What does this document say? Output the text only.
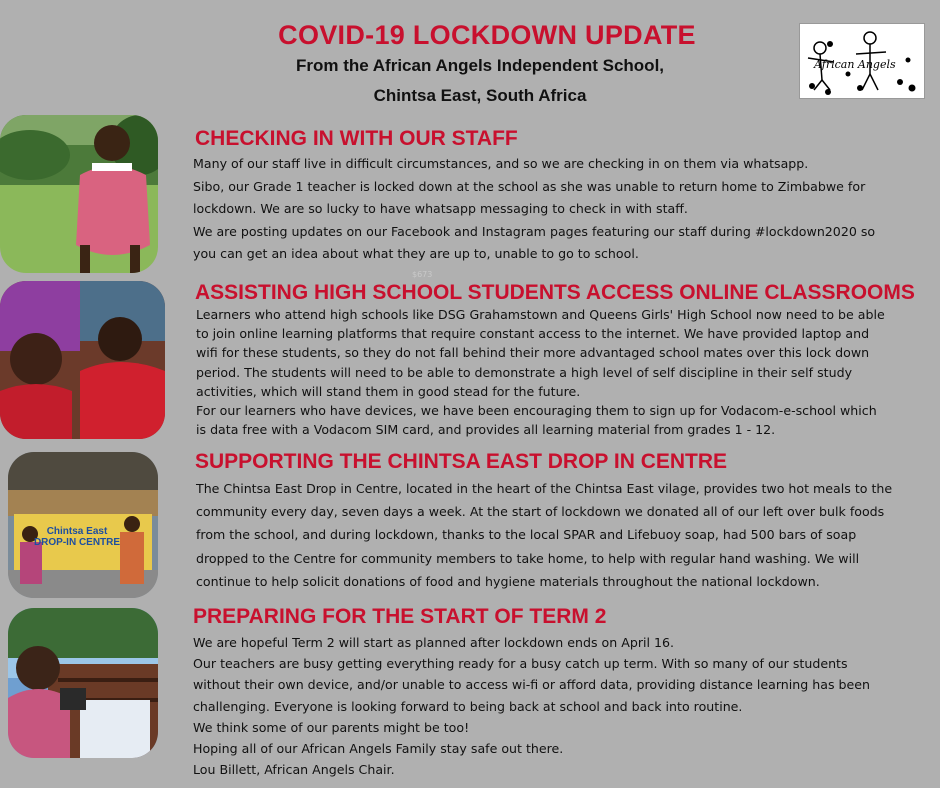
COVID-19 LOCKDOWN UPDATE
From the African Angels Independent School,
Chintsa East, South Africa
African Angels
$673
CHECKING IN WITH OUR STAFF
Many of our staff live in difficult circumstances, and so we are checking in on them via whatsapp.
Sibo, our Grade 1 teacher is locked down at the school as she was unable to return home to Zimbabwe for
lockdown. We are so lucky to have whatsapp messaging to check in with staff.
We are posting updates on our Facebook and Instagram pages featuring our staff during #lockdown2020 so
you can get an idea about what they are up to, unable to go to school.
ASSISTING HIGH SCHOOL STUDENTS ACCESS ONLINE CLASSROOMS
Learners who attend high schools like DSG Grahamstown and Queens Girls' High School now need to be able
to join online learning platforms that require constant access to the internet. We have provided laptop and
wifi for these students, so they do not fall behind their more advantaged school mates over this lock down
period. The students will need to be able to demonstrate a high level of self discipline in their self study
activities, which will stand them in good stead for the future.
For our learners who have devices, we have been encouraging them to sign up for Vodacom-e-school which
is data free with a Vodacom SIM card, and provides all learning material from grades 1 - 12.
Chintsa East DROP-IN CENTRE
SUPPORTING THE CHINTSA EAST DROP IN CENTRE
The Chintsa East Drop in Centre, located in the heart of the Chintsa East vilage, provides two hot meals to the
community every day, seven days a week. At the start of lockdown we donated all of our left over bulk foods
from the school, and during lockdown, thanks to the local SPAR and Lifebuoy soap, had 500 bars of soap
dropped to the Centre for community members to take home, to help with regular hand washing. We will
continue to help solicit donations of food and hygiene materials throughout the national lockdown.
PREPARING FOR THE START OF TERM 2
We are hopeful Term 2 will start as planned after lockdown ends on April 16.
Our teachers are busy getting everything ready for a busy catch up term. With so many of our students
without their own device, and/or unable to access wi-fi or afford data, providing distance learning has been
challenging. Everyone is looking forward to being back at school and back into routine.
We think some of our parents might be too!
Hoping all of our African Angels Family stay safe out there.
Lou Billett, African Angels Chair.
